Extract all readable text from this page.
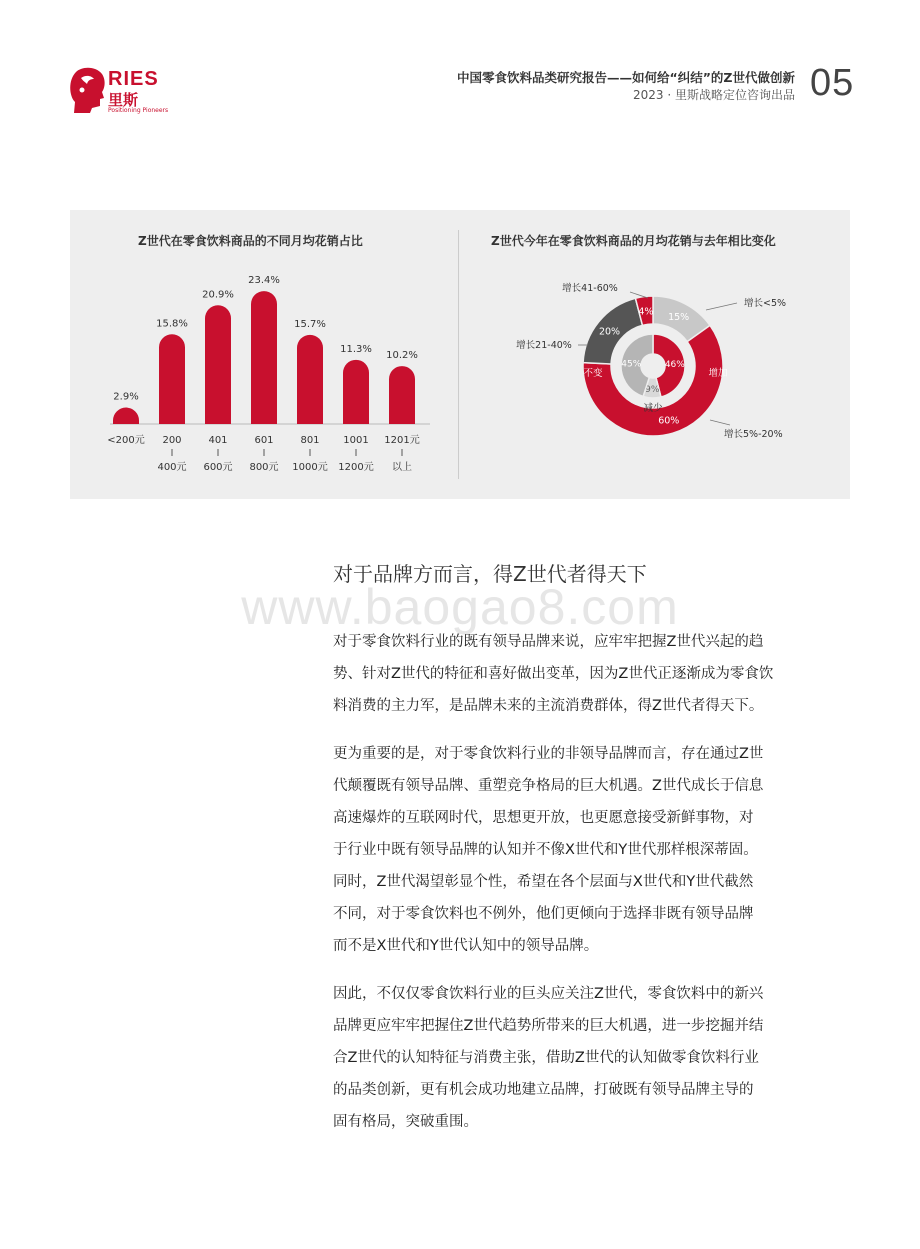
RIES
里斯
Positioning Pioneers
中国零食饮料品类研究报告——如何给“纠结”的Z世代做创新
2023 · 里斯战略定位咨询出品 05
Z世代在零食饮料商品的不同月均花销占比	Z世代今年在零食饮料商品的月均花销与去年相比变化
2.9%
<200元
15.8%
200
400元
20.9%
401
600元
23.4%
601
800元
15.7%
801
1000元
11.3%
1001
1200元
10.2%
1201元
以上
15%
60%
20%
4%
46%
9%
45%
增加
减少
不变
增长<5%
增长5%-20%
增长21-40%
增长41-60%
www.baogao8.com
对于品牌方而言，得Z世代者得天下
对于零食饮料行业的既有领导品牌来说，应牢牢把握Z世代兴起的趋
势、针对Z世代的特征和喜好做出变革，因为Z世代正逐渐成为零食饮
料消费的主力军，是品牌未来的主流消费群体，得Z世代者得天下。
更为重要的是，对于零食饮料行业的非领导品牌而言，存在通过Z世
代颠覆既有领导品牌、重塑竞争格局的巨大机遇。Z世代成长于信息
高速爆炸的互联网时代，思想更开放，也更愿意接受新鲜事物，对
于行业中既有领导品牌的认知并不像X世代和Y世代那样根深蒂固。
同时，Z世代渴望彰显个性，希望在各个层面与X世代和Y世代截然
不同，对于零食饮料也不例外，他们更倾向于选择非既有领导品牌
而不是X世代和Y世代认知中的领导品牌。
因此，不仅仅零食饮料行业的巨头应关注Z世代，零食饮料中的新兴
品牌更应牢牢把握住Z世代趋势所带来的巨大机遇，进一步挖掘并结
合Z世代的认知特征与消费主张，借助Z世代的认知做零食饮料行业
的品类创新，更有机会成功地建立品牌，打破既有领导品牌主导的
固有格局，突破重围。
